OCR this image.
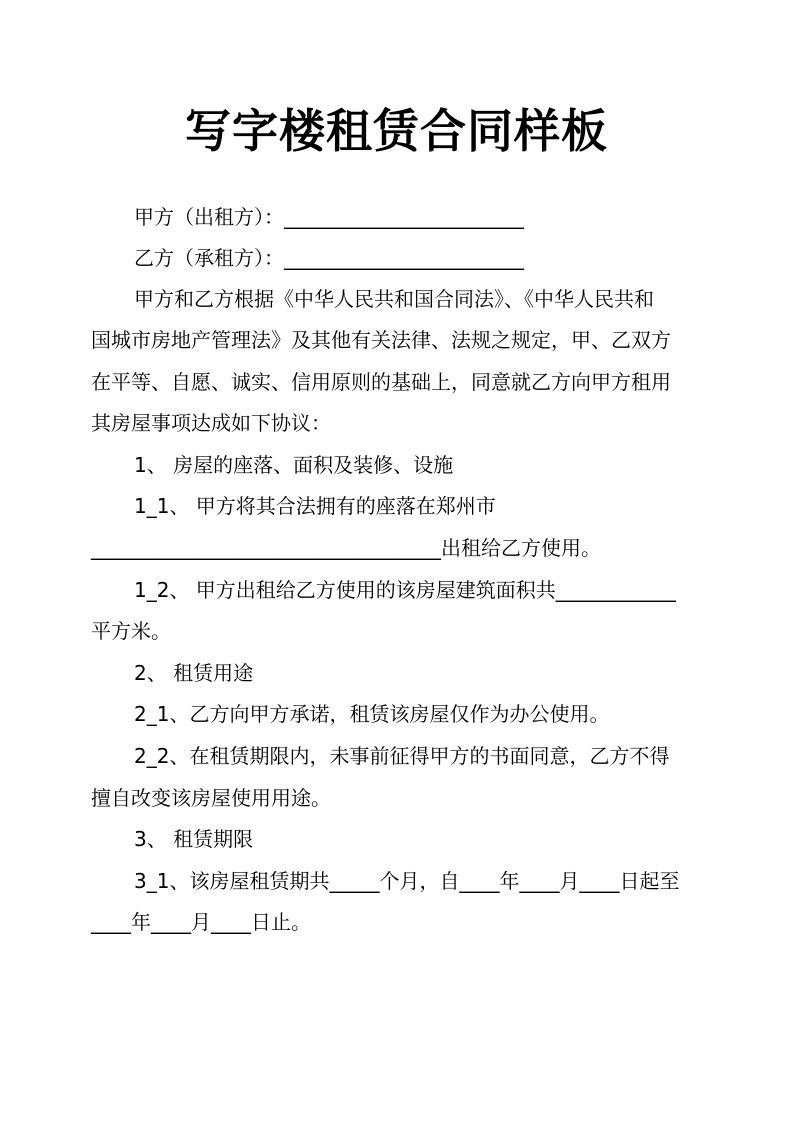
写字楼租赁合同样板
甲方（出租方）：________________________
乙方（承租方）：________________________
甲方和乙方根据《中华人民共和国合同法》、《中华人民共和
国城市房地产管理法》及其他有关法律、法规之规定，甲、乙双方
在平等、自愿、诚实、信用原则的基础上，同意就乙方向甲方租用
其房屋事项达成如下协议：
1、 房屋的座落、面积及装修、设施
1_1、 甲方将其合法拥有的座落在郑州市
___________________________________出租给乙方使用。
1_2、 甲方出租给乙方使用的该房屋建筑面积共____________
平方米。
2、 租赁用途
2_1、乙方向甲方承诺，租赁该房屋仅作为办公使用。
2_2、在租赁期限内，未事前征得甲方的书面同意，乙方不得
擅自改变该房屋使用用途。
3、 租赁期限
3_1、该房屋租赁期共_____个月，自____年____月____日起至
____年____月____日止。
